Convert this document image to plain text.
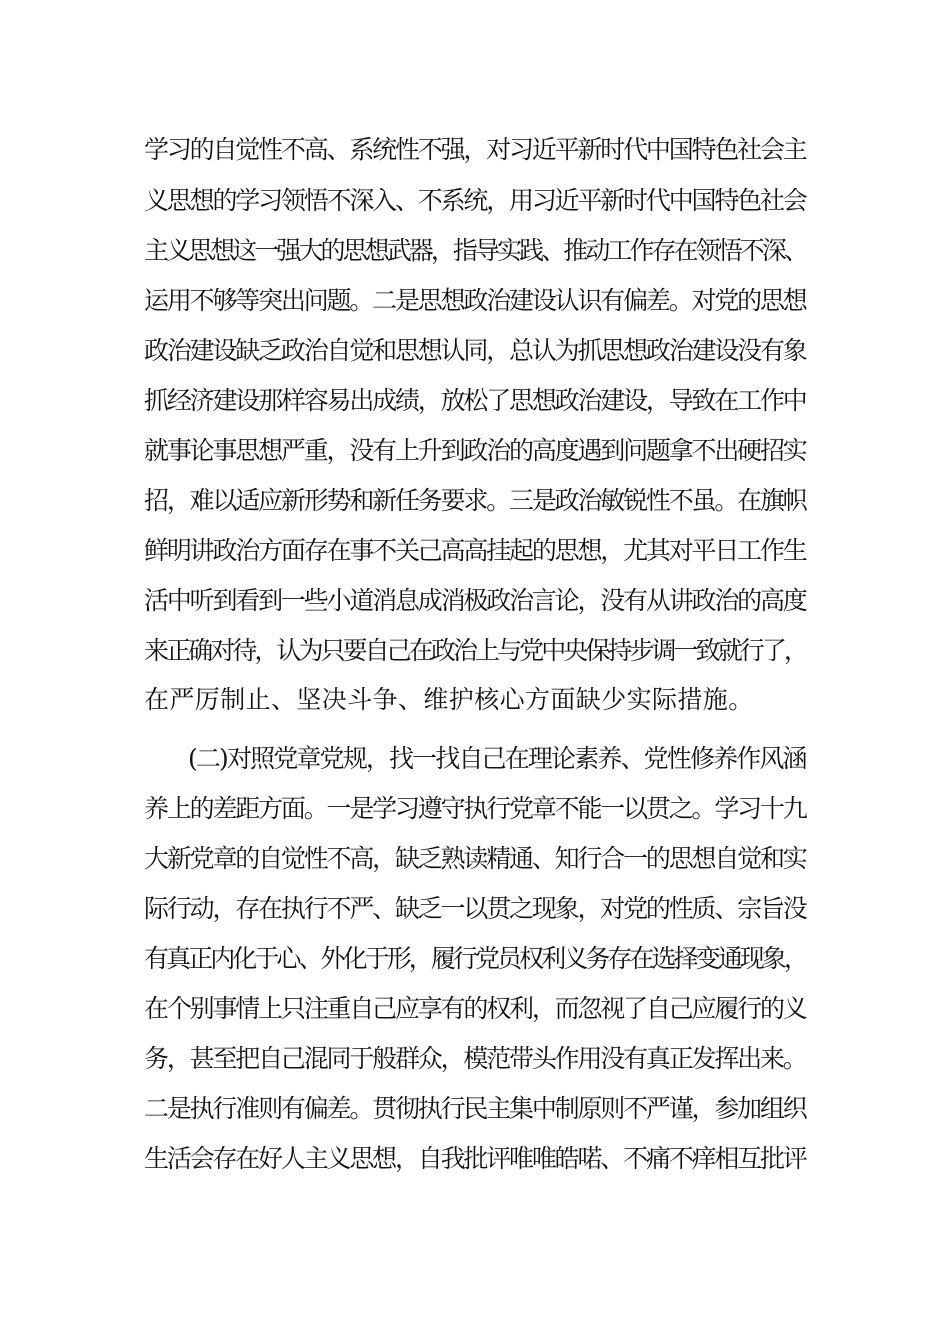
学习的自觉性不高、系统性不强，对习近平新时代中国特色社会主
义思想的学习领悟不深入、不系统，用习近平新时代中国特色社会
主义思想这一强大的思想武器，指导实践、推动工作存在领悟不深、
运用不够等突出问题。二是思想政治建设认识有偏差。对党的思想
政治建设缺乏政治自觉和思想认同，总认为抓思想政治建设没有象
抓经济建设那样容易出成绩，放松了思想政治建设，导致在工作中
就事论事思想严重，没有上升到政治的高度遇到问题拿不出硬招实
招，难以适应新形势和新任务要求。三是政治敏锐性不虽。在旗帜
鲜明讲政治方面存在事不关己高高挂起的思想，尤其对平日工作生
活中听到看到一些小道消息成消极政治言论，没有从讲政治的高度
来正确对待，认为只要自己在政治上与党中央保持步调一致就行了，
在严厉制止、坚决斗争、维护核心方面缺少实际措施。
(二)对照党章党规，找一找自己在理论素养、党性修养作风涵
养上的差距方面。一是学习遵守执行党章不能一以贯之。学习十九
大新党章的自觉性不高，缺乏熟读精通、知行合一的思想自觉和实
际行动，存在执行不严、缺乏一以贯之现象，对党的性质、宗旨没
有真正内化于心、外化于形，履行党员权利义务存在选择变通现象，
在个别事情上只注重自己应享有的权利，而忽视了自己应履行的义
务，甚至把自己混同于般群众，模范带头作用没有真正发挥出来。
二是执行准则有偏差。贯彻执行民主集中制原则不严谨，参加组织
生活会存在好人主义思想，自我批评唯唯皓喏、不痛不痒相互批评
